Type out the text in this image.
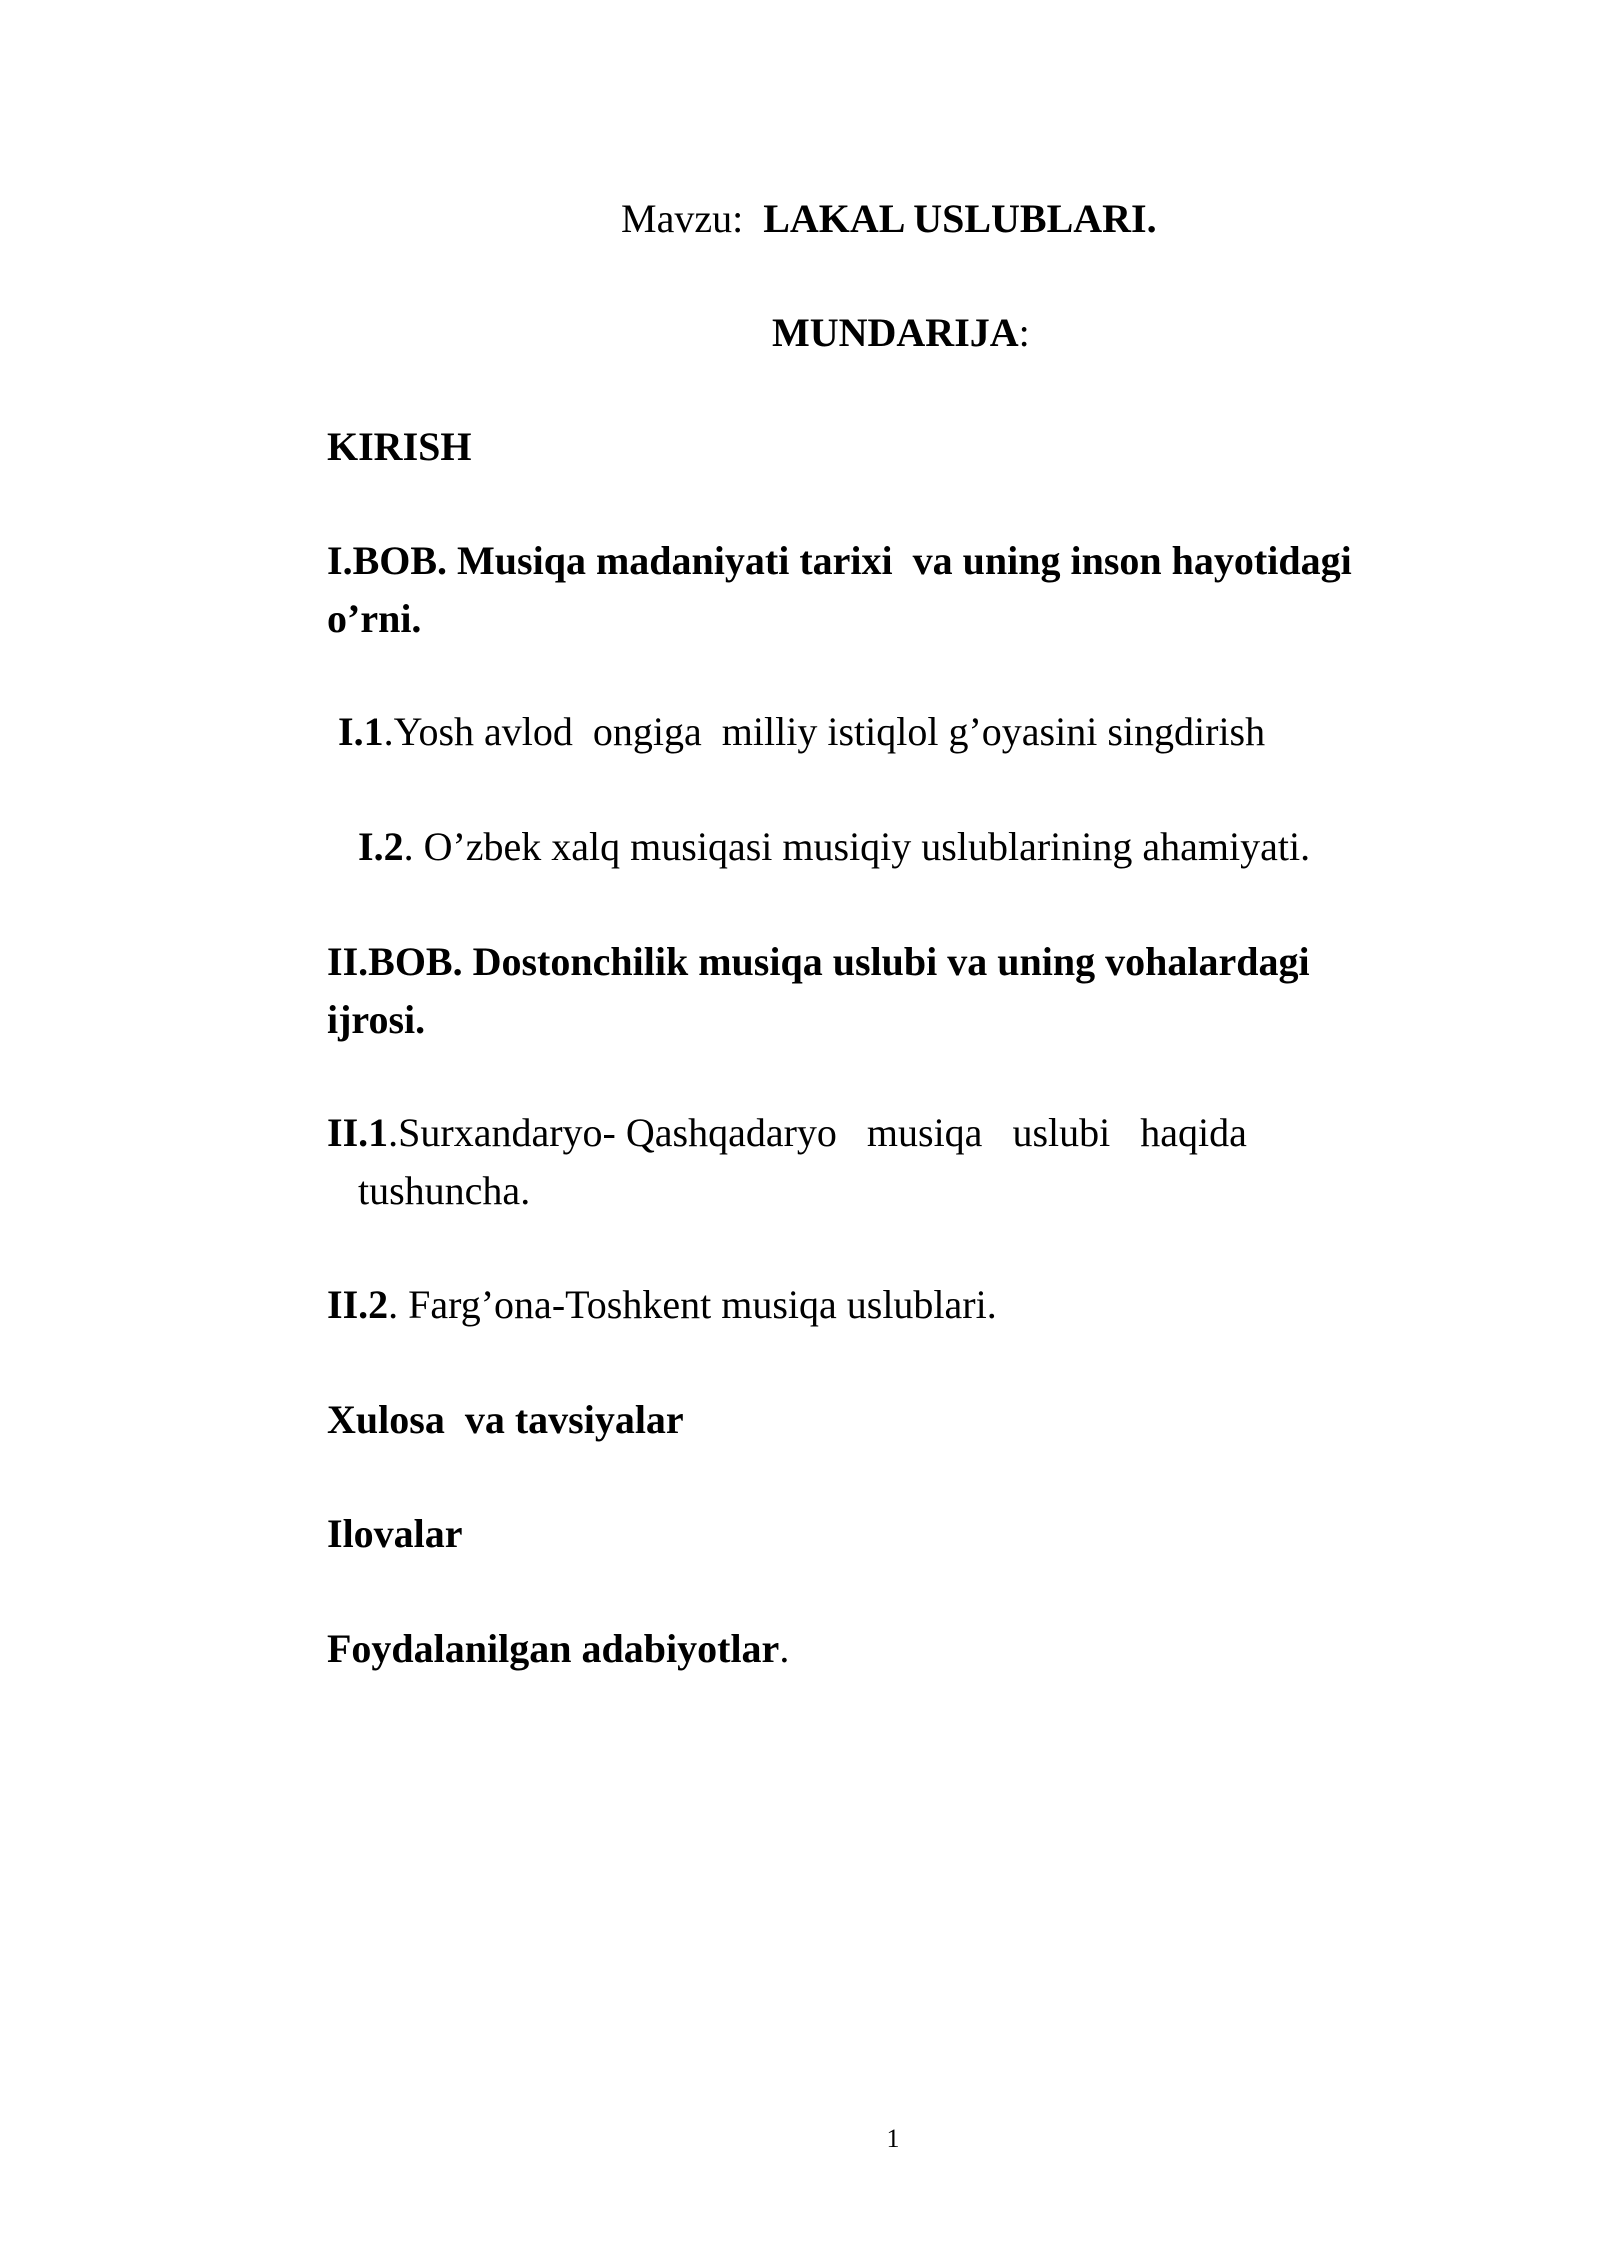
Mavzu:  LAKAL USLUBLARI.
MUNDARIJA:
KIRISH
I.BOB. Musiqa madaniyati tarixi  va uning inson hayotidagi
o’rni.
I.1.Yosh avlod  ongiga  milliy istiqlol g’oyasini singdirish
I.2. O’zbek xalq musiqasi musiqiy uslublarining ahamiyati.
II.BOB. Dostonchilik musiqa uslubi va uning vohalardagi
ijrosi.
II.1.Surxandaryo- Qashqadaryo   musiqa   uslubi   haqida
tushuncha.
II.2. Farg’ona-Toshkent musiqa uslublari.
Xulosa  va tavsiyalar
Ilovalar
Foydalanilgan adabiyotlar.
1
